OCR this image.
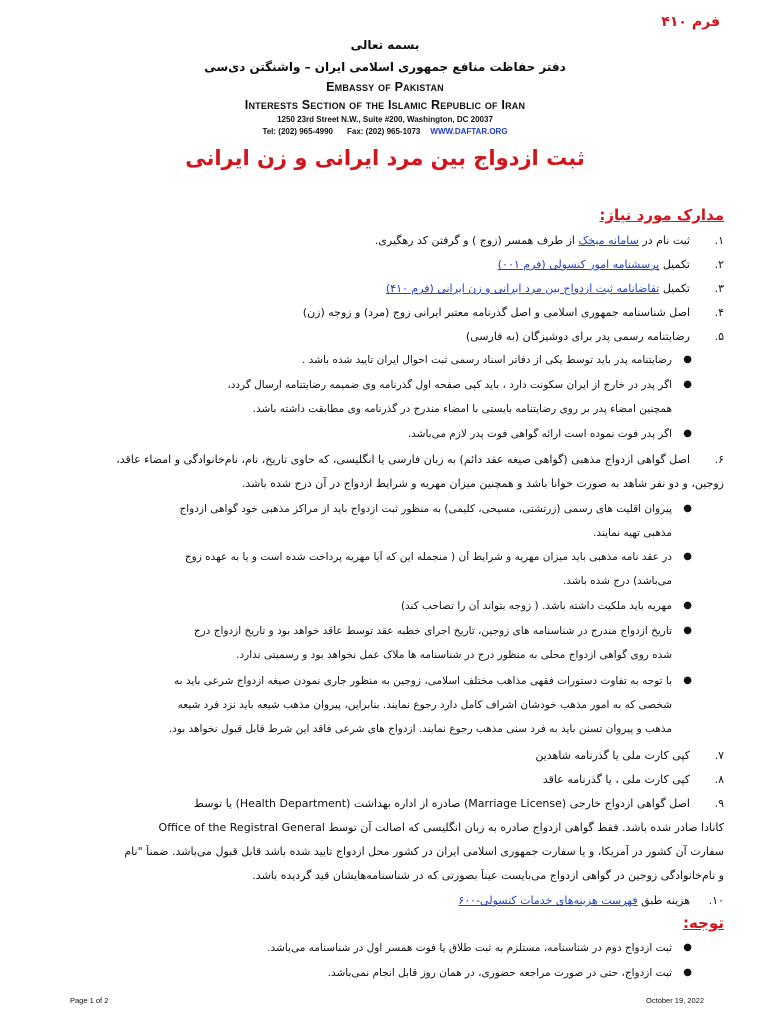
فرم ۴۱۰
بسمه تعالی
دفتر حفاظت منافع جمهوری اسلامی ایران – واشنگتن دی‌سی
Embassy of Pakistan
Interests Section of the Islamic Republic of Iran
1250 23rd Street N.W., Suite #200, Washington, DC 20037
Tel: (202) 965-4990 Fax: (202) 965-1073 WWW.DAFTAR.ORG
ثبت ازدواج بین مرد ایرانی و زن ایرانی
مدارک مورد نیاز:
.۱
ثبت نام در سامانه میخک از طرف همسر (زوج ) و گرفتن کد رهگیری.
.۲
تکمیل پرسشنامه امور کنسولی (فرم ۰۰۱)
.۳
تکمیل تقاضانامه ثبت ازدواج بین مرد ایرانی و زن ایرانی (فرم ۴۱۰)
.۴
اصل شناسنامه جمهوری اسلامی و اصل گذرنامه معتبر ایرانی زوج (مرد) و زوجه (زن)
.۵
رضایتنامه رسمی پدر برای دوشیزگان (به فارسی)
●
رضایتنامه پدر باید توسط یکی از دفاتر اسناد رسمی ثبت احوال ایران تایید شده باشد .
●
اگر پدر در خارج از ایران سکونت دارد ، باید کپی صفحه اول گذرنامه وی ضمیمه رضایتنامه ارسال گردد،
همچنین امضاء پدر بر روی رضایتنامه بایستی با امضاء مندرج در گذرنامه وی مطابقت داشته باشد.
●
اگر پدر فوت نموده است ارائه گواهی فوت پدر لازم می‌باشد.
.۶
اصل گواهی ازدواج مذهبی (گواهی صیغه عقد دائم) به زبان فارسی یا انگلیسی، که حاوی تاریخ، نام، نام‌خانوادگی و امضاء عاقد،
زوجین، و دو نفر شاهد به صورت خوانا باشد و همچنین میزان مهریه و شرایط ازدواج در آن درج شده باشد.
●
پیروان اقلیت های رسمی (زرتشتی، مسیحی، کلیمی) به منظور ثبت ازدواج باید از مراکز مذهبی خود گواهی ازدواج
مذهبی تهیه نمایند.
●
در عقد نامه مذهبی باید میزان مهریه و شرایط آن ( منجمله این که آیا مهریه پرداخت شده است و یا به عهده زوج
می‌باشد) درج شده باشد.
●
مهریه باید ملکیت داشته باشد. ( زوجه بتواند آن را تصاحب کند)
●
تاریخ ازدواج مندرج در شناسنامه های زوجین، تاریخ اجرای خطبه عقد توسط عاقد خواهد بود و تاریخ ازدواج درج
شده روی گواهی ازدواج محلی به منظور درج در شناسنامه ها ملاک عمل نخواهد بود و رسمیتی ندارد.
●
با توجه به تفاوت دستورات فقهی مذاهب مختلف اسلامی، زوجین به منظور جاری نمودن صیغه ازدواج شرعی باید به
شخصی که به امور مذهب خودشان اشراف کامل دارد رجوع نمایند. بنابراین، پیروان مذهب شیعه باید نزد فرد شیعه
مذهب و پیروان تسنن باید به فرد سنی مذهب رجوع نمایند. ازدواج های شرعی فاقد این شرط قابل قبول نخواهد بود.
.۷
کپی کارت ملی یا گذرنامه شاهدین
.۸
کپی کارت ملی ، یا گذرنامه عاقد
.۹
اصل گواهی ازدواج خارجی (Marriage License) صادره از اداره بهداشت (Health Department) یا توسط
کانادا صادر شده باشد. فقط گواهی ازدواج صادره به زبان انگلیسی که اصالت آن توسط Office of the Registral General
سفارت آن کشور در آمریکا، و یا سفارت جمهوری اسلامی ایران در کشور محل ازدواج تایید شده باشد قابل قبول می‌باشد. ضمناً "نام
و نام‌خانوادگی زوجین در گواهی ازدواج می‌بایست عیناً بصورتی که در شناسنامه‌هایشان قید گردیده باشد.
.۱۰
هزینه طبق فهرست هزینه‌های خدمات کنسولی-۶۰۰
توجه:
●
ثبت ازدواج دوم در شناسنامه، مستلزم به ثبت طلاق یا فوت همسر اول در شناسنامه می‌باشد.
●
ثبت ازدواج، حتی در صورت مراجعه حضوری، در همان روز قابل انجام نمی‌باشد.
Page 1 of 2	October 19, 2022
